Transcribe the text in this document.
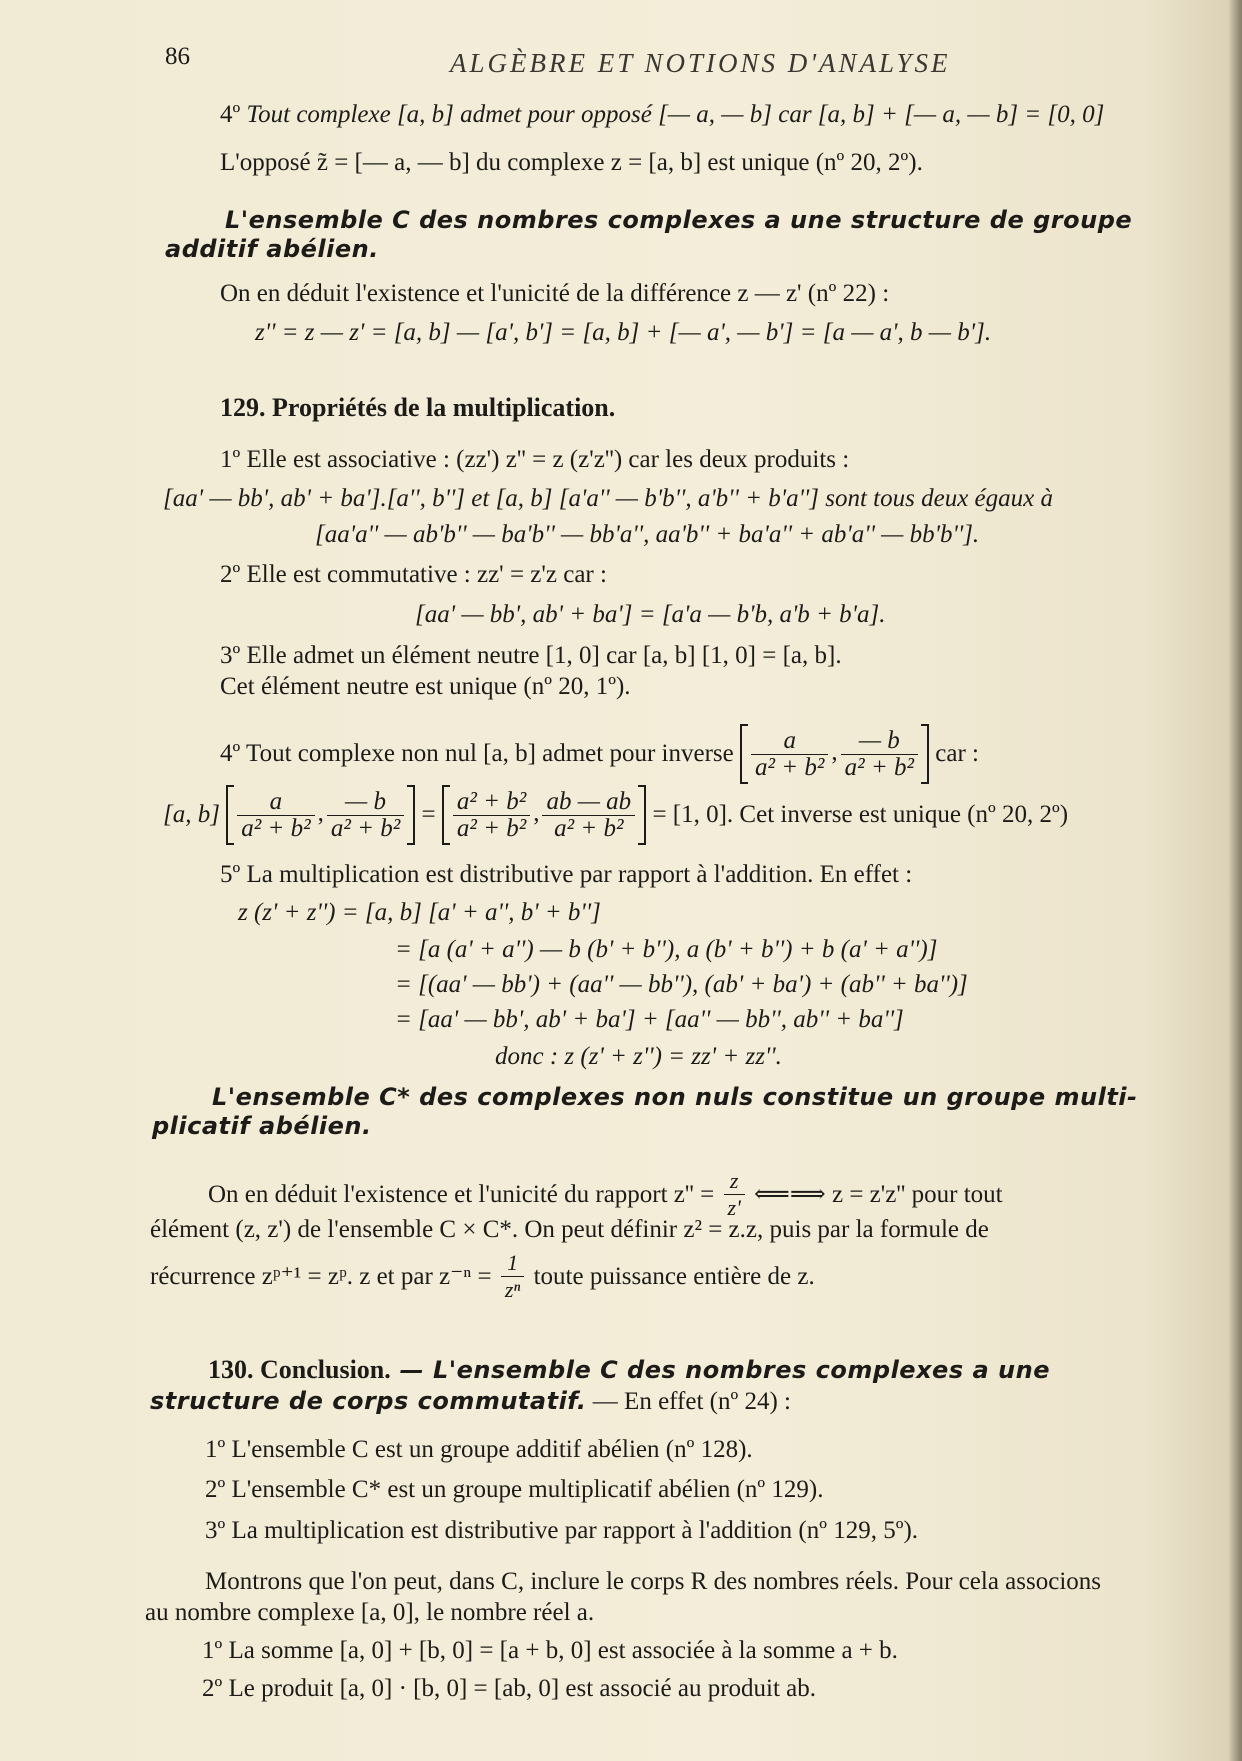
86	ALGÈBRE ET NOTIONS D'ANALYSE
4º Tout complexe [a, b] admet pour opposé [— a, — b] car [a, b] + [— a, — b] = [0, 0]
L'opposé z̃ = [— a, — b] du complexe z = [a, b] est unique (nº 20, 2º).
L'ensemble C des nombres complexes a une structure de groupe
additif abélien.
On en déduit l'existence et l'unicité de la différence z — z' (nº 22) :
z'' = z — z' = [a, b] — [a', b'] = [a, b] + [— a', — b'] = [a — a', b — b'].
129. Propriétés de la multiplication.
1º Elle est associative : (zz') z'' = z (z'z'') car les deux produits :
[aa' — bb', ab' + ba'].[a'', b''] et [a, b] [a'a'' — b'b'', a'b'' + b'a''] sont tous deux égaux à
[aa'a'' — ab'b'' — ba'b'' — bb'a'', aa'b'' + ba'a'' + ab'a'' — bb'b''].
2º Elle est commutative : zz' = z'z car :
[aa' — bb', ab' + ba'] = [a'a — b'b, a'b + b'a].
3º Elle admet un élément neutre [1, 0] car [a, b] [1, 0] = [a, b].
Cet élément neutre est unique (nº 20, 1º).
4º Tout complexe non nul [a, b] admet pour inverse $\frac{a}{\text{a² + b²}}$ , $\frac{— b}{\text{a² + b²}}$ car :
[a, $b] \frac{a}{\text{a² + b²}}$ , $\frac{— b}{\text{a² + b²}} = \frac{\text{a² + b²}}{\text{a² + b²}}$ , $\frac{ab — ab}{\text{a² + b²}} = [1$, 0]. Cet inverse est unique (nº 20, 2º)
5º La multiplication est distributive par rapport à l'addition. En effet :
z (z' + z'') = [a, b] [a' + a'', b' + b'']
= [a (a' + a'') — b (b' + b''), a (b' + b'') + b (a' + a'')]
= [(aa' — bb') + (aa'' — bb''), (ab' + ba') + (ab'' + ba'')]
= [aa' — bb', ab' + ba'] + [aa'' — bb'', ab'' + ba'']
donc : z (z' + z'') = zz' + zz''.
L'ensemble C* des complexes non nuls constitue un groupe multi-
plicatif abélien.
On en déduit l'existence et l'unicité du rapport $z'' = \frac{z}{z'}$ ⟸⟹ z = z'z'' pour tout
élément (z, z') de l'ensemble C × C*. On peut définir z² = z.z, puis par la formule de
récurrence zᵖ⁺¹ = zᵖ. z et par $z^{-n} = \frac{1}{\text{zⁿ}}$ toute puissance entière de z.
130. Conclusion. — L'ensemble C des nombres complexes a une
structure de corps commutatif. — En effet (nº 24) :
1º L'ensemble C est un groupe additif abélien (nº 128).
2º L'ensemble C* est un groupe multiplicatif abélien (nº 129).
3º La multiplication est distributive par rapport à l'addition (nº 129, 5º).
Montrons que l'on peut, dans C, inclure le corps R des nombres réels. Pour cela associons
au nombre complexe [a, 0], le nombre réel a.
1º La somme [a, 0] + [b, 0] = [a + b, 0] est associée à la somme a + b.
2º Le produit [a, 0] · [b, 0] = [ab, 0] est associé au produit ab.
